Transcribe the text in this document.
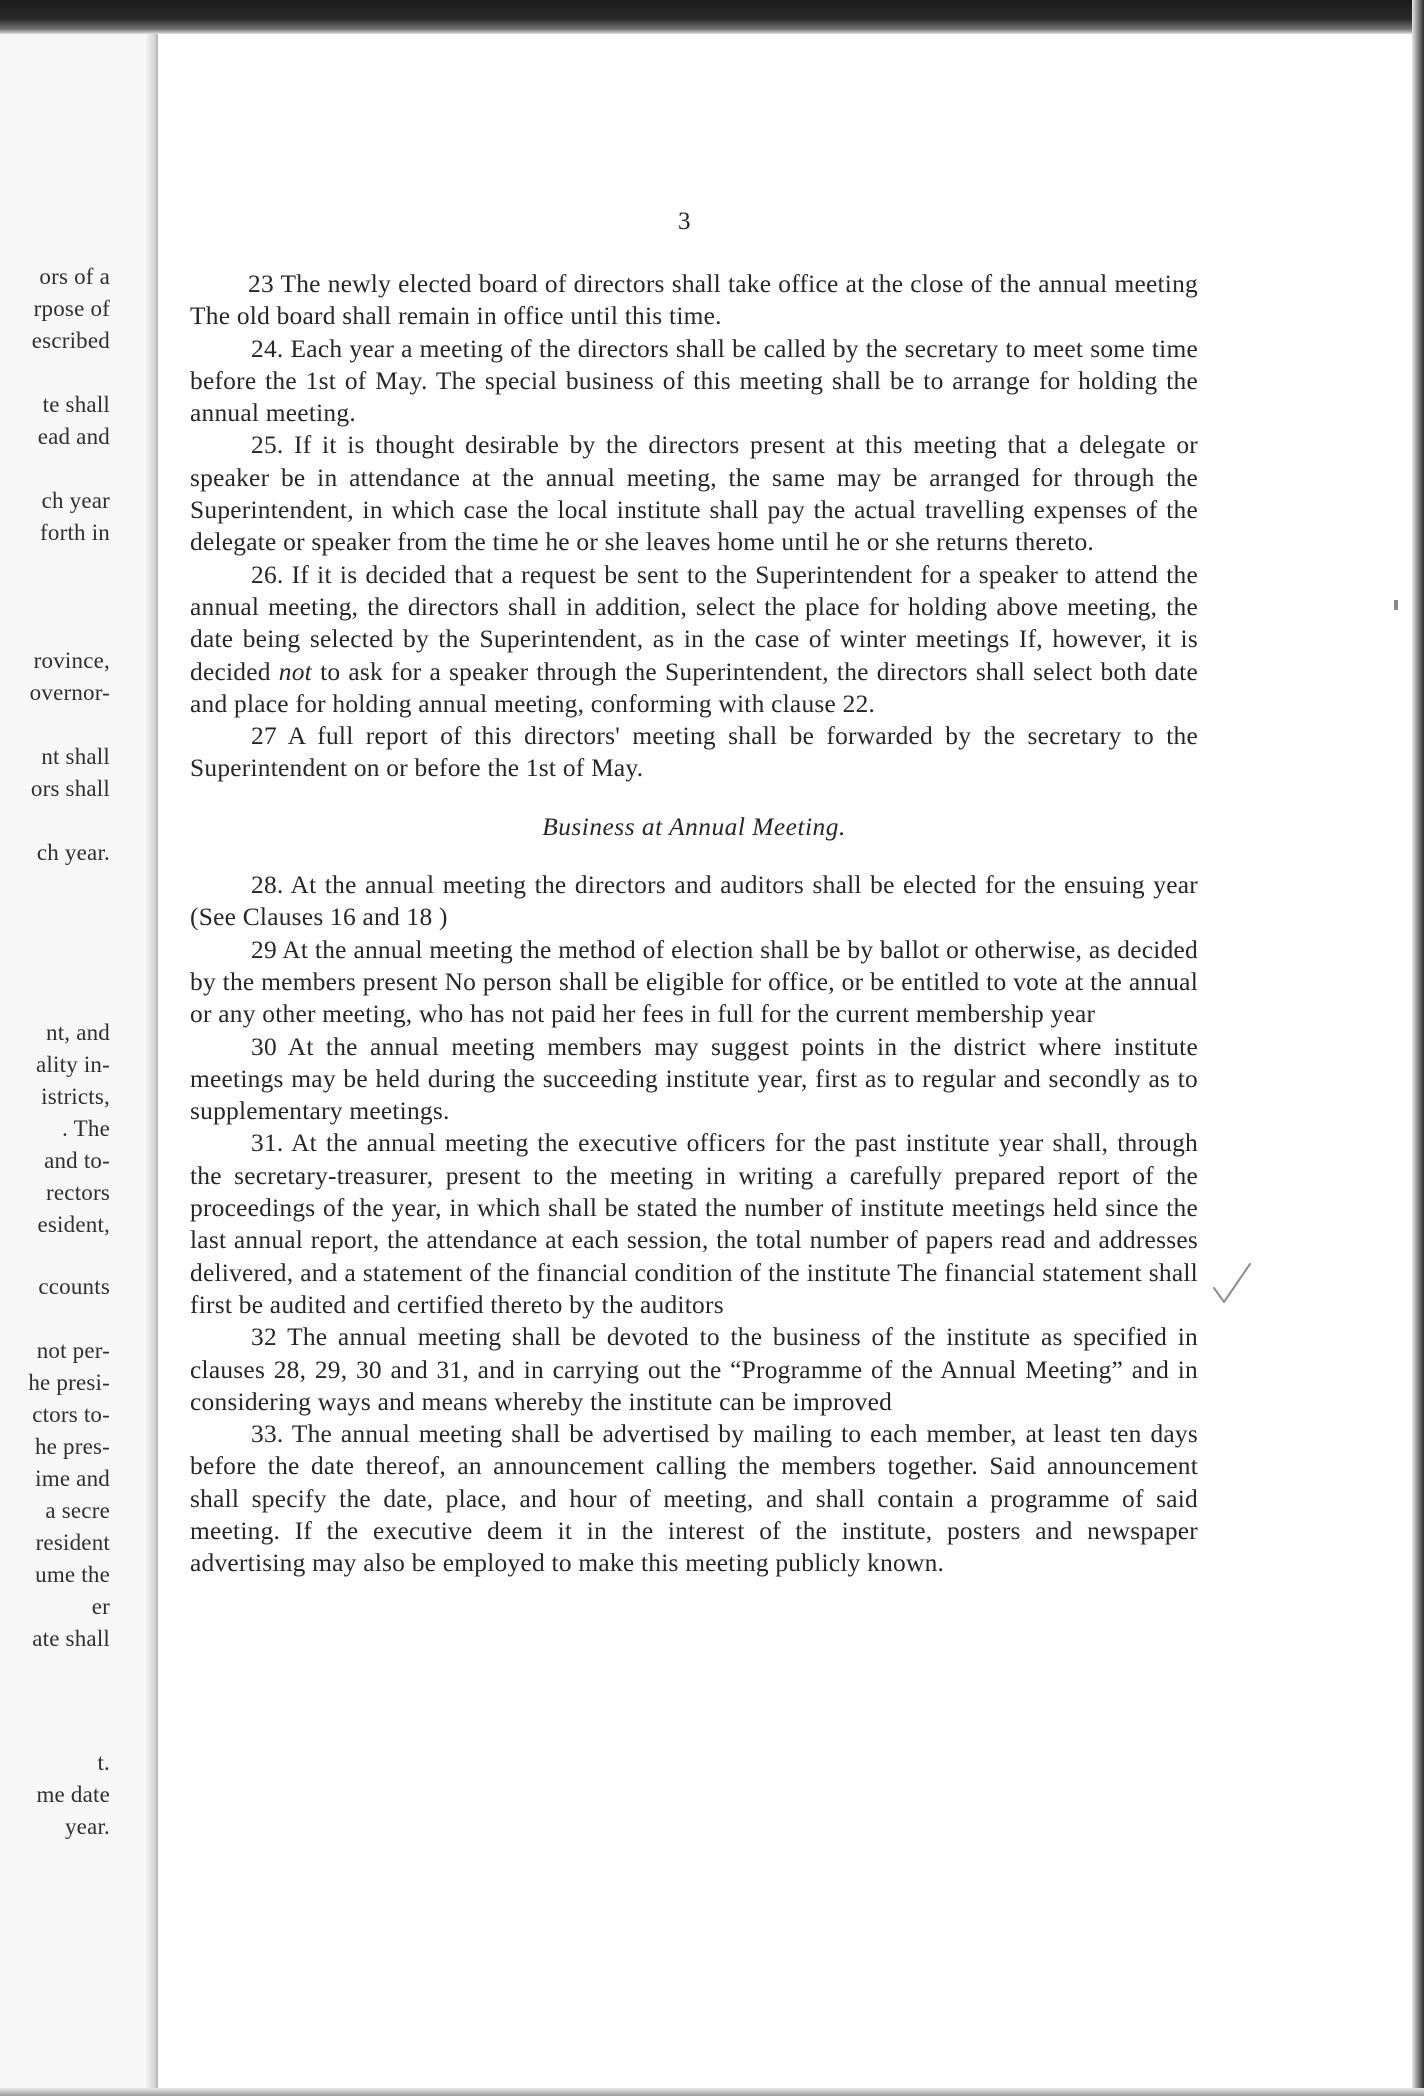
ors of a
rpose of
escribed
te shall
ead and
ch year
forth in
rovince,
overnor-
nt shall
ors shall
ch year.
nt, and
ality in-
istricts,
. The
and to-
rectors
esident,
ccounts
not per-
he presi-
ctors to-
he pres-
ime and
a secre
resident
ume the
er
ate shall
t.
me date
year.
3

23 The newly elected board of directors shall take office at the close of the annual meeting The old board shall remain in office until this time.

24. Each year a meeting of the directors shall be called by the secretary to meet some time before the 1st of May. The special business of this meeting shall be to arrange for holding the annual meeting.

25. If it is thought desirable by the directors present at this meeting that a delegate or speaker be in attendance at the annual meeting, the same may be arranged for through the Superintendent, in which case the local institute shall pay the actual travelling expenses of the delegate or speaker from the time he or she leaves home until he or she returns thereto.

26. If it is decided that a request be sent to the Superintendent for a speaker to attend the annual meeting, the directors shall in addition, select the place for holding above meeting, the date being selected by the Superintendent, as in the case of winter meetings If, however, it is decided not to ask for a speaker through the Superintendent, the directors shall select both date and place for holding annual meeting, conforming with clause 22.

27 A full report of this directors' meeting shall be forwarded by the secretary to the Superintendent on or before the 1st of May.

Business at Annual Meeting.

28. At the annual meeting the directors and auditors shall be elected for the ensuing year (See Clauses 16 and 18 )

29 At the annual meeting the method of election shall be by ballot or otherwise, as decided by the members present No person shall be eligible for office, or be entitled to vote at the annual or any other meeting, who has not paid her fees in full for the current membership year

30 At the annual meeting members may suggest points in the district where institute meetings may be held during the succeeding institute year, first as to regular and secondly as to supplementary meetings.

31. At the annual meeting the executive officers for the past institute year shall, through the secretary-treasurer, present to the meeting in writing a carefully prepared report of the proceedings of the year, in which shall be stated the number of institute meetings held since the last annual report, the attendance at each session, the total number of papers read and addresses delivered, and a statement of the financial condition of the institute The financial statement shall first be audited and certified thereto by the auditors

32 The annual meeting shall be devoted to the business of the institute as specified in clauses 28, 29, 30 and 31, and in carrying out the “Programme of the Annual Meeting” and in considering ways and means whereby the institute can be improved

33. The annual meeting shall be advertised by mailing to each member, at least ten days before the date thereof, an announcement calling the members together. Said announcement shall specify the date, place, and hour of meeting, and shall contain a programme of said meeting. If the executive deem it in the interest of the institute, posters and newspaper advertising may also be employed to make this meeting publicly known.
